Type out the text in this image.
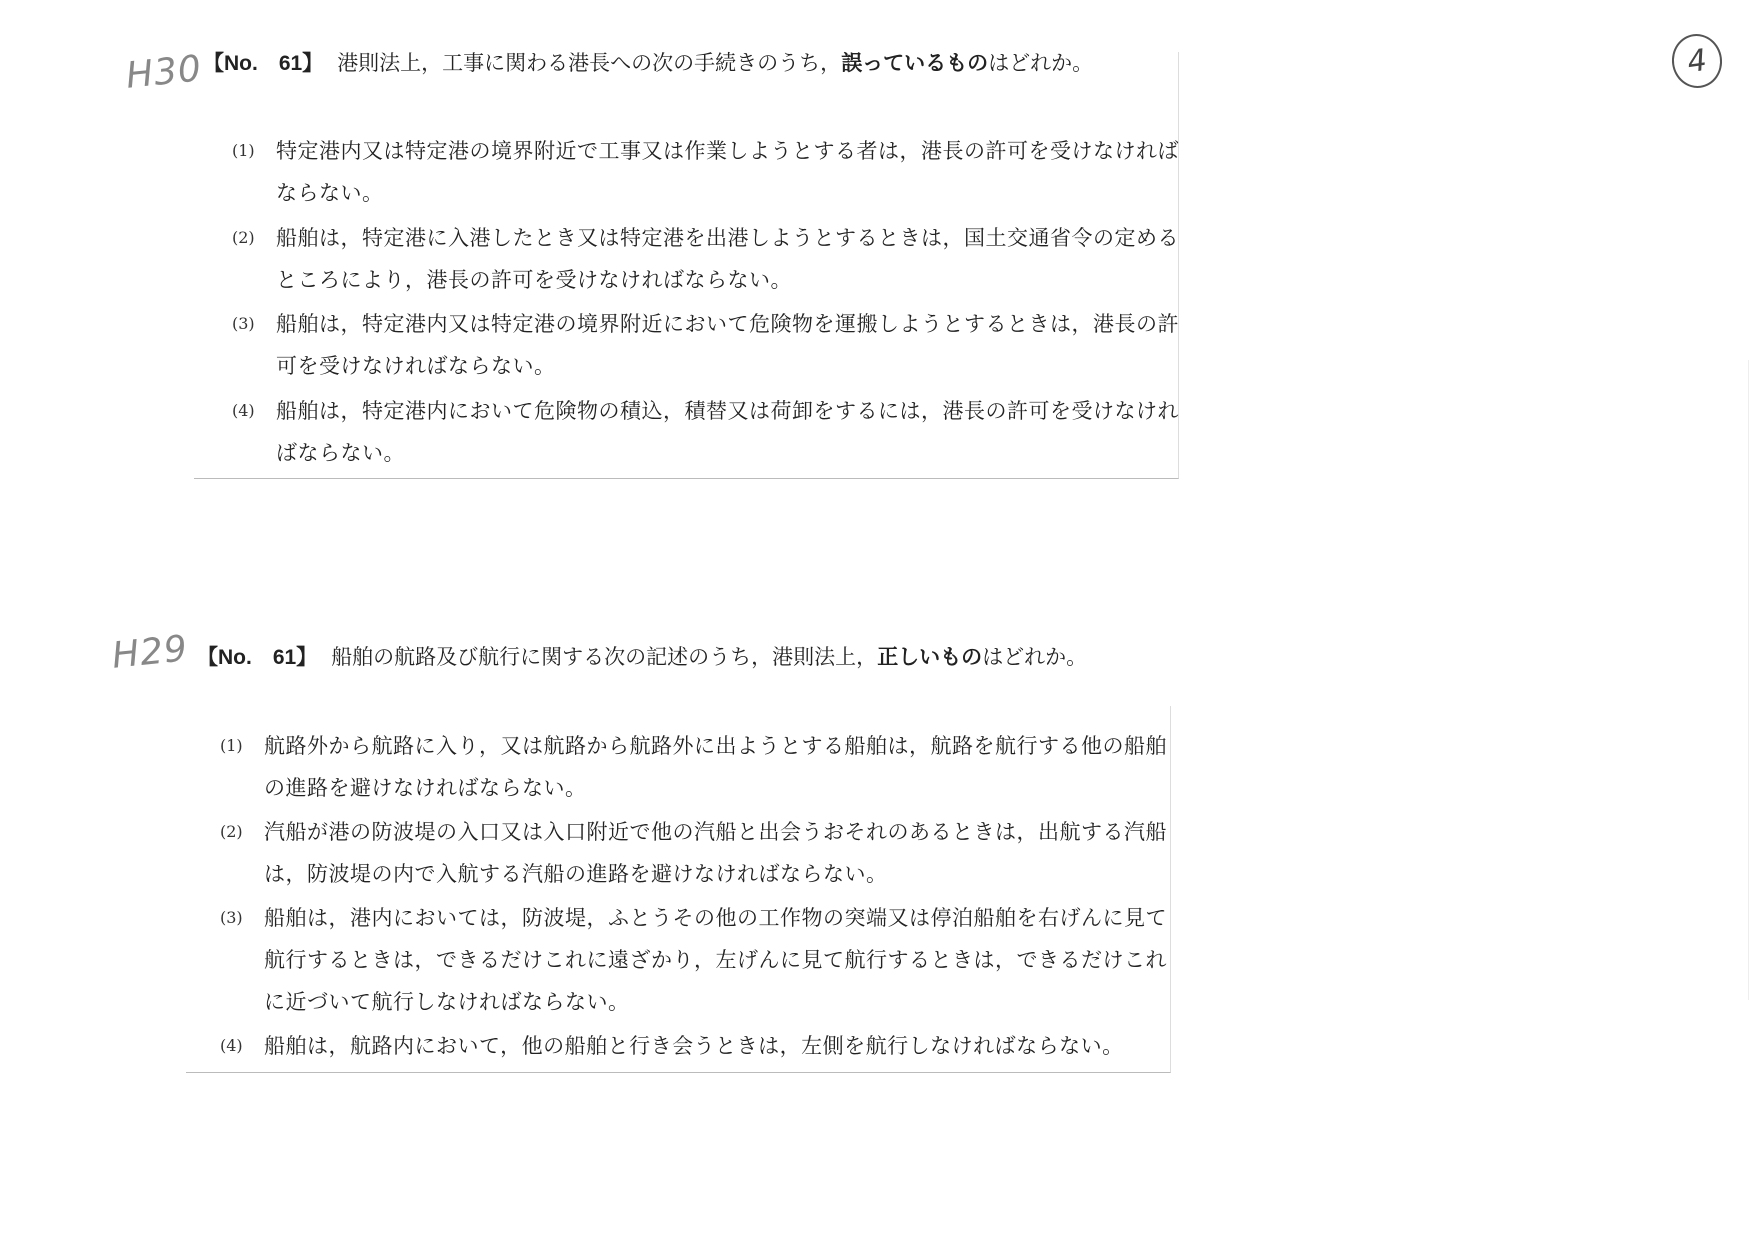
4
H30 【No.　61】 港則法上，工事に関わる港長への次の手続きのうち，誤っているものはどれか。
(1) 特定港内又は特定港の境界附近で工事又は作業しようとする者は，港長の許可を受けなければならない。
(2) 船舶は，特定港に入港したとき又は特定港を出港しようとするときは，国土交通省令の定めるところにより，港長の許可を受けなければならない。
(3) 船舶は，特定港内又は特定港の境界附近において危険物を運搬しようとするときは，港長の許可を受けなければならない。
(4) 船舶は，特定港内において危険物の積込，積替又は荷卸をするには，港長の許可を受けなければならない。
H29 【No.　61】 船舶の航路及び航行に関する次の記述のうち，港則法上，正しいものはどれか。
(1) 航路外から航路に入り，又は航路から航路外に出ようとする船舶は，航路を航行する他の船舶の進路を避けなければならない。
(2) 汽船が港の防波堤の入口又は入口附近で他の汽船と出会うおそれのあるときは，出航する汽船は，防波堤の内で入航する汽船の進路を避けなければならない。
(3) 船舶は，港内においては，防波堤，ふとうその他の工作物の突端又は停泊船舶を右げんに見て航行するときは，できるだけこれに遠ざかり，左げんに見て航行するときは，できるだけこれに近づいて航行しなければならない。
(4) 船舶は，航路内において，他の船舶と行き会うときは，左側を航行しなければならない。
